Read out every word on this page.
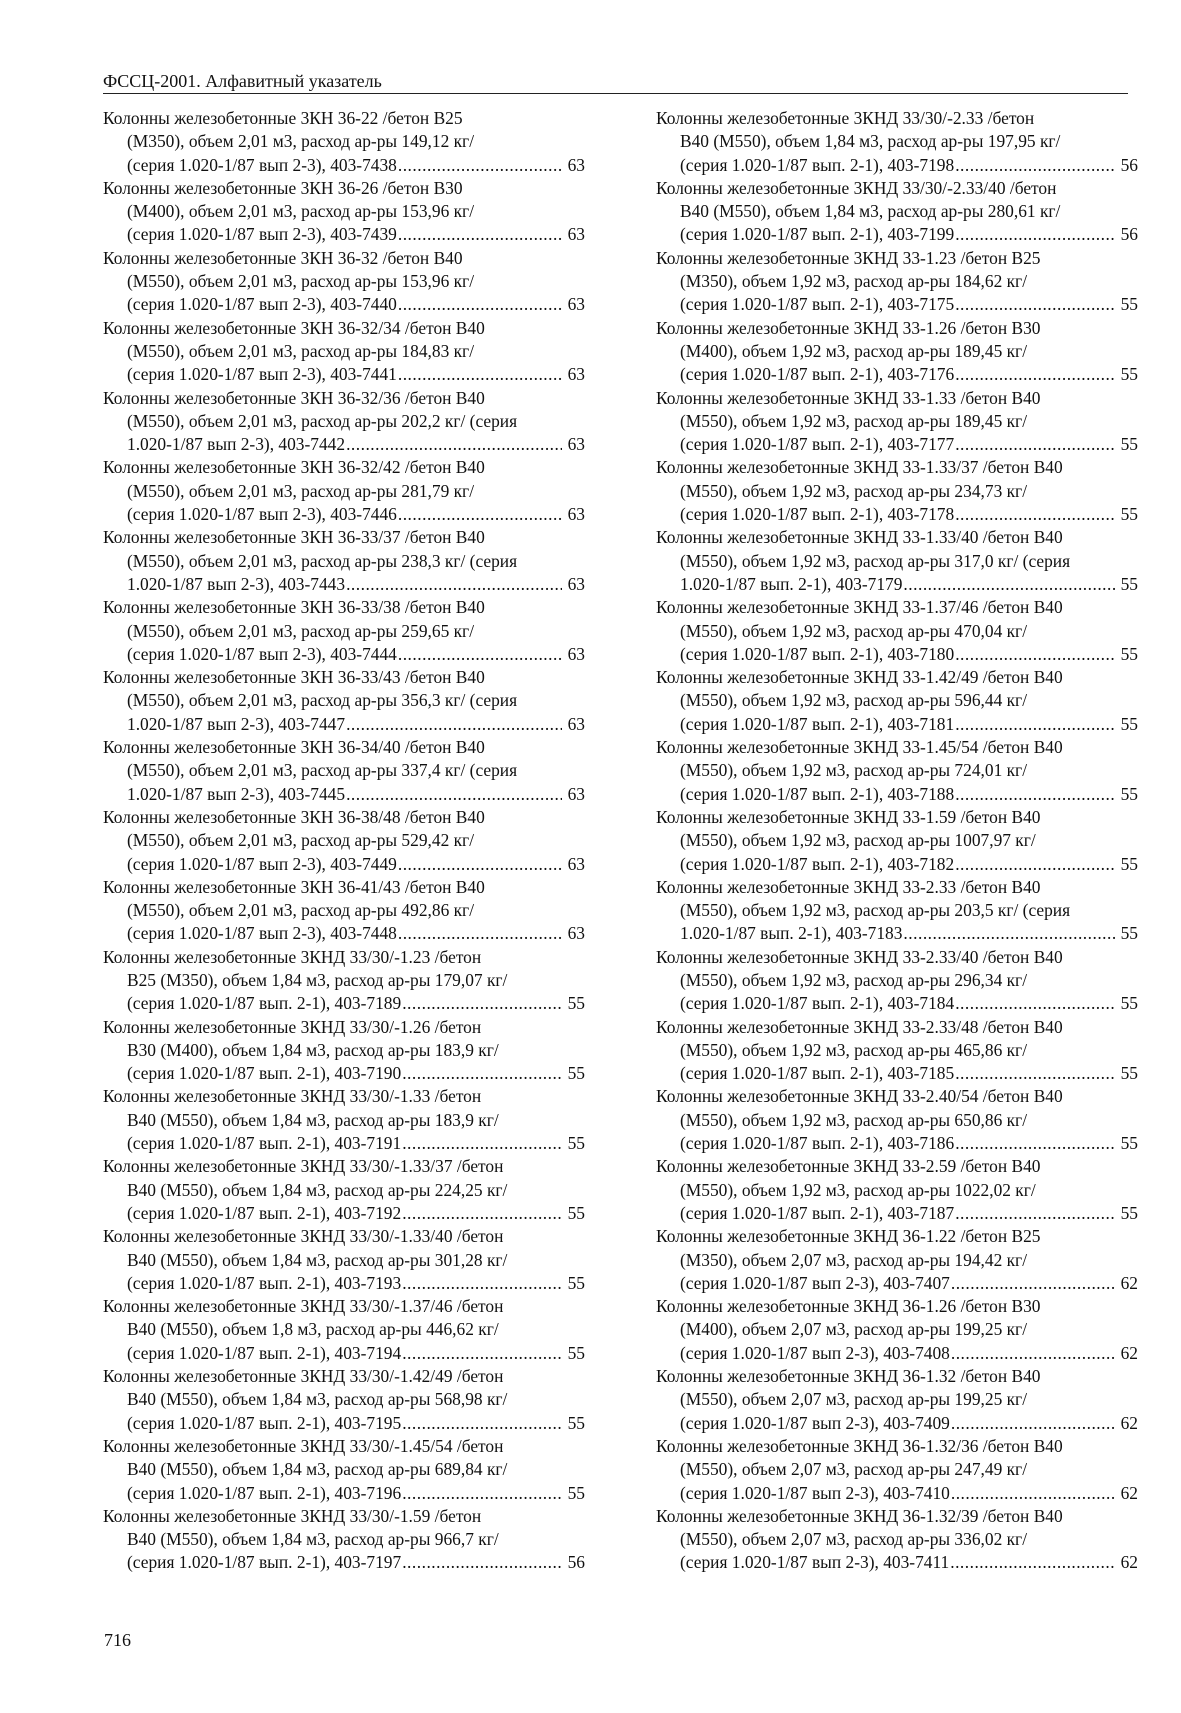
ФССЦ-2001. Алфавитный указатель
Колонны железобетонные 3КН 36-22 /бетон В25
(М350), объем 2,01 м3, расход ар-ры 149,12 кг/
(серия 1.020-1/87 вып 2-3), 403-7438 .....	63
Колонны железобетонные 3КН 36-26 /бетон В30
(М400), объем 2,01 м3, расход ар-ры 153,96 кг/
(серия 1.020-1/87 вып 2-3), 403-7439 .....	63
Колонны железобетонные 3КН 36-32 /бетон В40
(М550), объем 2,01 м3, расход ар-ры 153,96 кг/
(серия 1.020-1/87 вып 2-3), 403-7440 .....	63
Колонны железобетонные 3КН 36-32/34 /бетон В40
(М550), объем 2,01 м3, расход ар-ры 184,83 кг/
(серия 1.020-1/87 вып 2-3), 403-7441 .....	63
Колонны железобетонные 3КН 36-32/36 /бетон В40
(М550), объем 2,01 м3, расход ар-ры 202,2 кг/ (серия
1.020-1/87 вып 2-3), 403-7442 .....	63
Колонны железобетонные 3КН 36-32/42 /бетон В40
(М550), объем 2,01 м3, расход ар-ры 281,79 кг/
(серия 1.020-1/87 вып 2-3), 403-7446 .....	63
Колонны железобетонные 3КН 36-33/37 /бетон В40
(М550), объем 2,01 м3, расход ар-ры 238,3 кг/ (серия
1.020-1/87 вып 2-3), 403-7443 .....	63
Колонны железобетонные 3КН 36-33/38 /бетон В40
(М550), объем 2,01 м3, расход ар-ры 259,65 кг/
(серия 1.020-1/87 вып 2-3), 403-7444 .....	63
Колонны железобетонные 3КН 36-33/43 /бетон В40
(М550), объем 2,01 м3, расход ар-ры 356,3 кг/ (серия
1.020-1/87 вып 2-3), 403-7447 .....	63
Колонны железобетонные 3КН 36-34/40 /бетон В40
(М550), объем 2,01 м3, расход ар-ры 337,4 кг/ (серия
1.020-1/87 вып 2-3), 403-7445 .....	63
Колонны железобетонные 3КН 36-38/48 /бетон В40
(М550), объем 2,01 м3, расход ар-ры 529,42 кг/
(серия 1.020-1/87 вып 2-3), 403-7449 .....	63
Колонны железобетонные 3КН 36-41/43 /бетон В40
(М550), объем 2,01 м3, расход ар-ры 492,86 кг/
(серия 1.020-1/87 вып 2-3), 403-7448 .....	63
Колонны железобетонные 3КНД 33/30/-1.23 /бетон
В25 (М350), объем 1,84 м3, расход ар-ры 179,07 кг/
(серия 1.020-1/87 вып. 2-1), 403-7189 .....	55
Колонны железобетонные 3КНД 33/30/-1.26 /бетон
В30 (М400), объем 1,84 м3, расход ар-ры 183,9 кг/
(серия 1.020-1/87 вып. 2-1), 403-7190 .....	55
Колонны железобетонные 3КНД 33/30/-1.33 /бетон
В40 (М550), объем 1,84 м3, расход ар-ры 183,9 кг/
(серия 1.020-1/87 вып. 2-1), 403-7191 .....	55
Колонны железобетонные 3КНД 33/30/-1.33/37 /бетон
В40 (М550), объем 1,84 м3, расход ар-ры 224,25 кг/
(серия 1.020-1/87 вып. 2-1), 403-7192 .....	55
Колонны железобетонные 3КНД 33/30/-1.33/40 /бетон
В40 (М550), объем 1,84 м3, расход ар-ры 301,28 кг/
(серия 1.020-1/87 вып. 2-1), 403-7193 .....	55
Колонны железобетонные 3КНД 33/30/-1.37/46 /бетон
В40 (М550), объем 1,8 м3, расход ар-ры 446,62 кг/
(серия 1.020-1/87 вып. 2-1), 403-7194 .....	55
Колонны железобетонные 3КНД 33/30/-1.42/49 /бетон
В40 (М550), объем 1,84 м3, расход ар-ры 568,98 кг/
(серия 1.020-1/87 вып. 2-1), 403-7195 .....	55
Колонны железобетонные 3КНД 33/30/-1.45/54 /бетон
В40 (М550), объем 1,84 м3, расход ар-ры 689,84 кг/
(серия 1.020-1/87 вып. 2-1), 403-7196 .....	55
Колонны железобетонные 3КНД 33/30/-1.59 /бетон
В40 (М550), объем 1,84 м3, расход ар-ры 966,7 кг/
(серия 1.020-1/87 вып. 2-1), 403-7197 .....	56
Колонны железобетонные 3КНД 33/30/-2.33 /бетон
В40 (М550), объем 1,84 м3, расход ар-ры 197,95 кг/
(серия 1.020-1/87 вып. 2-1), 403-7198 .....	56
Колонны железобетонные 3КНД 33/30/-2.33/40 /бетон
В40 (М550), объем 1,84 м3, расход ар-ры 280,61 кг/
(серия 1.020-1/87 вып. 2-1), 403-7199 .....	56
Колонны железобетонные 3КНД 33-1.23 /бетон В25
(М350), объем 1,92 м3, расход ар-ры 184,62 кг/
(серия 1.020-1/87 вып. 2-1), 403-7175 .....	55
Колонны железобетонные 3КНД 33-1.26 /бетон В30
(М400), объем 1,92 м3, расход ар-ры 189,45 кг/
(серия 1.020-1/87 вып. 2-1), 403-7176 .....	55
Колонны железобетонные 3КНД 33-1.33 /бетон В40
(М550), объем 1,92 м3, расход ар-ры 189,45 кг/
(серия 1.020-1/87 вып. 2-1), 403-7177 .....	55
Колонны железобетонные 3КНД 33-1.33/37 /бетон В40
(М550), объем 1,92 м3, расход ар-ры 234,73 кг/
(серия 1.020-1/87 вып. 2-1), 403-7178 .....	55
Колонны железобетонные 3КНД 33-1.33/40 /бетон В40
(М550), объем 1,92 м3, расход ар-ры 317,0 кг/ (серия
1.020-1/87 вып. 2-1), 403-7179 .....	55
Колонны железобетонные 3КНД 33-1.37/46 /бетон В40
(М550), объем 1,92 м3, расход ар-ры 470,04 кг/
(серия 1.020-1/87 вып. 2-1), 403-7180 .....	55
Колонны железобетонные 3КНД 33-1.42/49 /бетон В40
(М550), объем 1,92 м3, расход ар-ры 596,44 кг/
(серия 1.020-1/87 вып. 2-1), 403-7181 .....	55
Колонны железобетонные 3КНД 33-1.45/54 /бетон В40
(М550), объем 1,92 м3, расход ар-ры 724,01 кг/
(серия 1.020-1/87 вып. 2-1), 403-7188 .....	55
Колонны железобетонные 3КНД 33-1.59 /бетон В40
(М550), объем 1,92 м3, расход ар-ры 1007,97 кг/
(серия 1.020-1/87 вып. 2-1), 403-7182 .....	55
Колонны железобетонные 3КНД 33-2.33 /бетон В40
(М550), объем 1,92 м3, расход ар-ры 203,5 кг/ (серия
1.020-1/87 вып. 2-1), 403-7183 .....	55
Колонны железобетонные 3КНД 33-2.33/40 /бетон В40
(М550), объем 1,92 м3, расход ар-ры 296,34 кг/
(серия 1.020-1/87 вып. 2-1), 403-7184 .....	55
Колонны железобетонные 3КНД 33-2.33/48 /бетон В40
(М550), объем 1,92 м3, расход ар-ры 465,86 кг/
(серия 1.020-1/87 вып. 2-1), 403-7185 .....	55
Колонны железобетонные 3КНД 33-2.40/54 /бетон В40
(М550), объем 1,92 м3, расход ар-ры 650,86 кг/
(серия 1.020-1/87 вып. 2-1), 403-7186 .....	55
Колонны железобетонные 3КНД 33-2.59 /бетон В40
(М550), объем 1,92 м3, расход ар-ры 1022,02 кг/
(серия 1.020-1/87 вып. 2-1), 403-7187 .....	55
Колонны железобетонные 3КНД 36-1.22 /бетон В25
(М350), объем 2,07 м3, расход ар-ры 194,42 кг/
(серия 1.020-1/87 вып 2-3), 403-7407 .....	62
Колонны железобетонные 3КНД 36-1.26 /бетон В30
(М400), объем 2,07 м3, расход ар-ры 199,25 кг/
(серия 1.020-1/87 вып 2-3), 403-7408 .....	62
Колонны железобетонные 3КНД 36-1.32 /бетон В40
(М550), объем 2,07 м3, расход ар-ры 199,25 кг/
(серия 1.020-1/87 вып 2-3), 403-7409 .....	62
Колонны железобетонные 3КНД 36-1.32/36 /бетон В40
(М550), объем 2,07 м3, расход ар-ры 247,49 кг/
(серия 1.020-1/87 вып 2-3), 403-7410 .....	62
Колонны железобетонные 3КНД 36-1.32/39 /бетон В40
(М550), объем 2,07 м3, расход ар-ры 336,02 кг/
(серия 1.020-1/87 вып 2-3), 403-7411 .....	62
716
